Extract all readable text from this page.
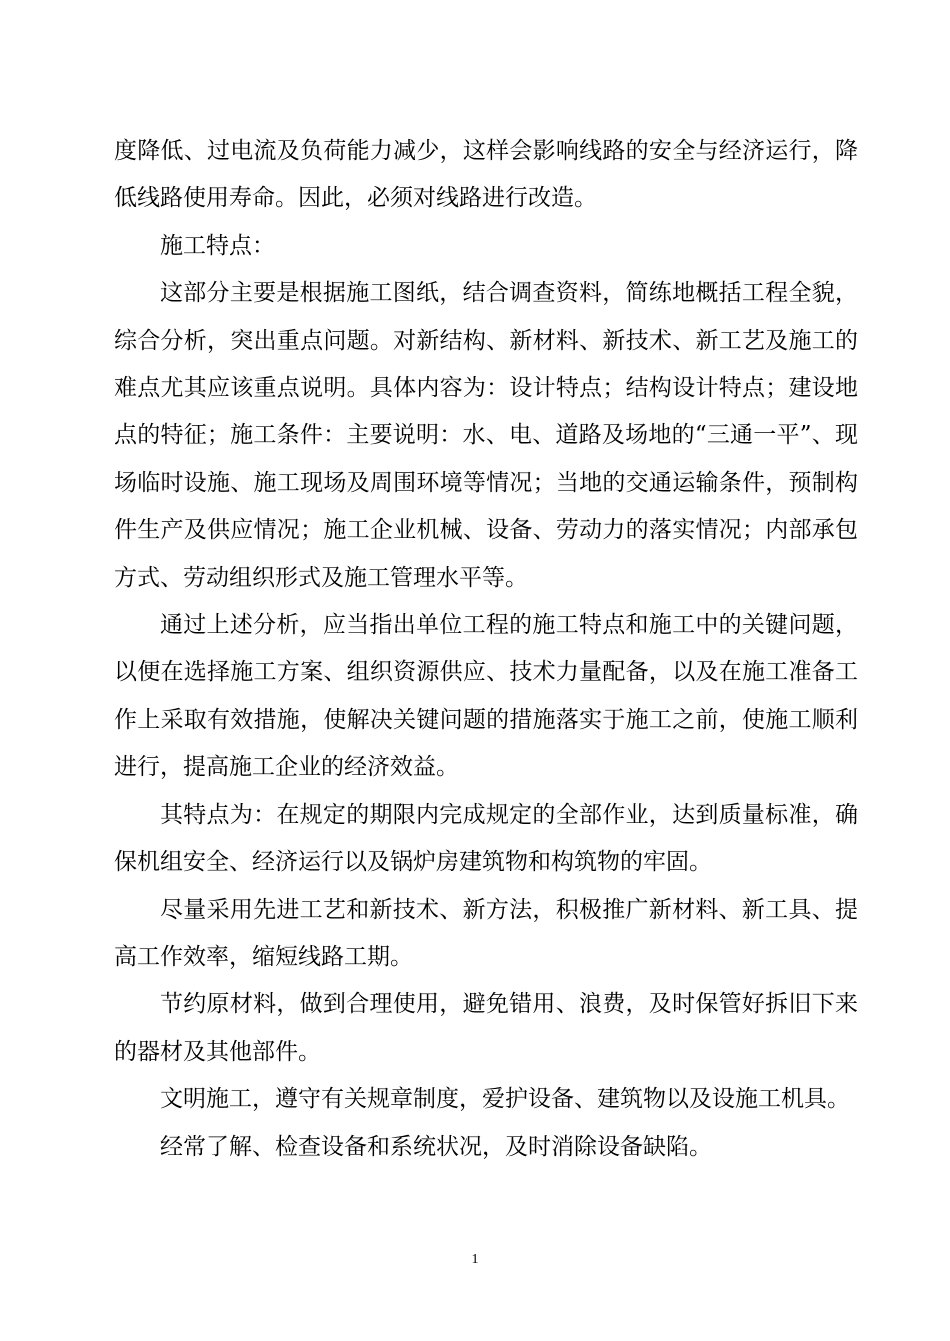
度降低、过电流及负荷能力减少，这样会影响线路的安全与经济运行，降低线路使用寿命。因此，必须对线路进行改造。

施工特点：

这部分主要是根据施工图纸，结合调查资料，简练地概括工程全貌，综合分析，突出重点问题。对新结构、新材料、新技术、新工艺及施工的难点尤其应该重点说明。具体内容为：设计特点；结构设计特点；建设地点的特征；施工条件：主要说明：水、电、道路及场地的“三通一平”、现场临时设施、施工现场及周围环境等情况；当地的交通运输条件，预制构件生产及供应情况；施工企业机械、设备、劳动力的落实情况；内部承包方式、劳动组织形式及施工管理水平等。

通过上述分析，应当指出单位工程的施工特点和施工中的关键问题，以便在选择施工方案、组织资源供应、技术力量配备，以及在施工准备工作上采取有效措施，使解决关键问题的措施落实于施工之前，使施工顺利进行，提高施工企业的经济效益。

其特点为：在规定的期限内完成规定的全部作业，达到质量标准，确保机组安全、经济运行以及锅炉房建筑物和构筑物的牢固。

尽量采用先进工艺和新技术、新方法，积极推广新材料、新工具、提高工作效率，缩短线路工期。

节约原材料，做到合理使用，避免错用、浪费，及时保管好拆旧下来的器材及其他部件。

文明施工，遵守有关规章制度，爱护设备、建筑物以及设施工机具。

经常了解、检查设备和系统状况，及时消除设备缺陷。

1
